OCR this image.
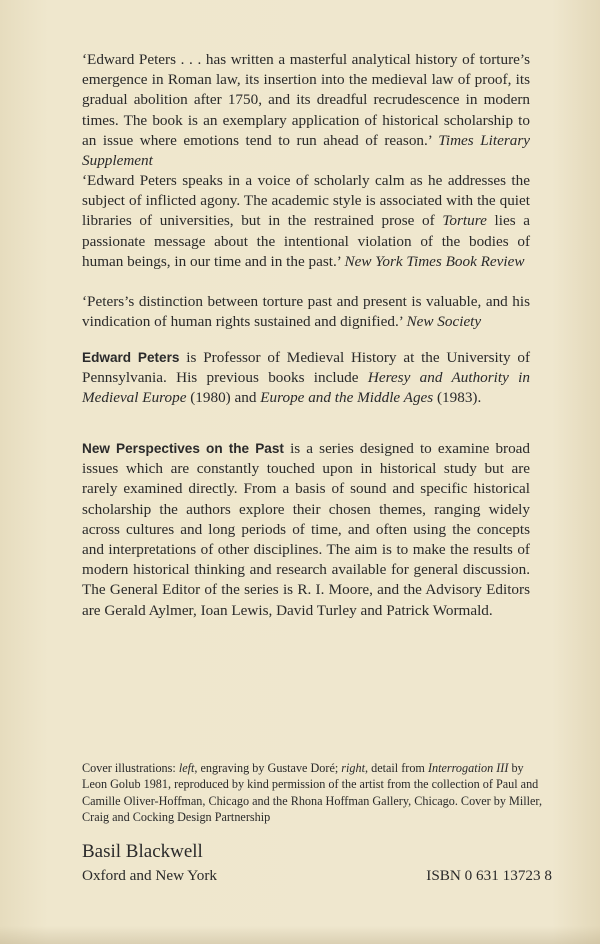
‘Edward Peters . . . has written a masterful analytical history of torture’s emergence in Roman law, its insertion into the medieval law of proof, its gradual abolition after 1750, and its dreadful recrudescence in modern times. The book is an exemplary application of historical scholarship to an issue where emotions tend to run ahead of reason.’ Times Literary Supplement

‘Edward Peters speaks in a voice of scholarly calm as he addresses the subject of inflicted agony. The academic style is associated with the quiet libraries of universities, but in the restrained prose of Torture lies a passionate message about the intentional violation of the bodies of human beings, in our time and in the past.’ New York Times Book Review

‘Peters’s distinction between torture past and present is valuable, and his vindication of human rights sustained and dignified.’ New Society

Edward Peters is Professor of Medieval History at the University of Pennsylvania. His previous books include Heresy and Authority in Medieval Europe (1980) and Europe and the Middle Ages (1983).

New Perspectives on the Past is a series designed to examine broad issues which are constantly touched upon in historical study but are rarely examined directly. From a basis of sound and specific historical scholarship the authors explore their chosen themes, ranging widely across cultures and long periods of time, and often using the concepts and interpretations of other disciplines. The aim is to make the results of modern historical thinking and research available for general discussion. The General Editor of the series is R. I. Moore, and the Advisory Editors are Gerald Aylmer, Ioan Lewis, David Turley and Patrick Wormald.

Cover illustrations: left, engraving by Gustave Doré; right, detail from Interrogation III by Leon Golub 1981, reproduced by kind permission of the artist from the collection of Paul and Camille Oliver-Hoffman, Chicago and the Rhona Hoffman Gallery, Chicago. Cover by Miller, Craig and Cocking Design Partnership

Basil Blackwell

Oxford and New York	ISBN 0 631 13723 8
